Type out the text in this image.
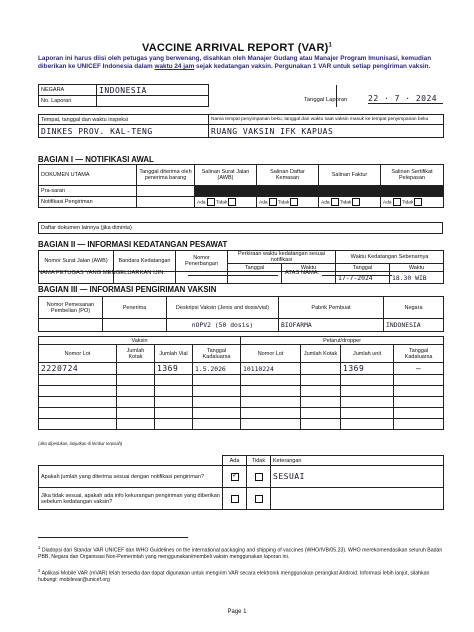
VACCINE ARRIVAL REPORT (VAR)$^1$
Laporan ini harus diisi oleh petugas yang berwenang, disahkan oleh Manajer Gudang atau Manajer Program Imunisasi, kemudian diberikan ke UNICEF Indonesia dalam waktu 24 jam sejak kedatangan vaksin. Pergunakan 1 VAR untuk setiap pengiriman vaksin.
NEGARA	INDONESIA		
No. Laporan				Tanggal Laporan	22 · 7 · 2024
Tempat, tanggal dan waktu inspeksi	Nama tempat penyimpanan beku, tanggal dan waktu saat vaksin masuk ke tempat penyimpanan beku
DINKES PROV. KAL-TENG	RUANG VAKSIN IFK KAPUAS
BAGIAN I — NOTIFIKASI AWAL
DOKUMEN UTAMA	Tanggal diterima oleh penerima barang	Salinan Surat Jalan (AWB)	Salinan Daftar Kemasan	Salinan Faktur	Salinan Sertifikat Pelepasan
Pra-saran					
Notifikasi Pengiriman		Ada Tidak	Ada Tidak	Ada Tidak	Ada Tidak
Daftar dokumen lainnya (jika diminta)
BAGIAN II — INFORMASI KEDATANGAN PESAWAT
Nomor Surat Jalan (AWB)	Bandara Kedatangan	Nomor Penerbangan	Perkiraan waktu kedatangan sesuai notifikasi		Waktu Kedatangan Sebenarnya	
			Tanggal	Waktu	Tanggal	Waktu
					17-7-2024	18.30 WIB
NAMA PETUGAS YANG MENGELUARKAN IJIN:	ATAS NAMA:
BAGIAN III — INFORMASI PENGIRIMAN VAKSIN
Nomor Pemesanan Pembelian (PO)	Penerima	Deskripsi Vaksin (Jenis and dosis/vial)	Pabrik Pembuat	Negara
		nOPV2 (50 dosis)	BIOFARMA	INDONESIA
Vaksin				Pelarut/dropper			
Nomor Lot	Jumlah Kotak	Jumlah Vial	Tanggal Kadaluarsa	Nomor Lot	Jumlah Kotak	Jumlah unit	Tanggal Kadaluarsa
2220724		1369	1.5.2026	10110224		1369	–

(Jika diperlukan, lanjutkan di lembar terpisah)
	Ada	Tidak	Keterangan
Apakah jumlah yang diterima sesuai dengan notifikasi pengiriman?	✓		SESUAI
Jika tidak sesuai, apakah ada info kekurangan pengiriman yang diberikan sebelum kedatangan vaksin?			
$^1$ Diadopsi dari Standar VAR UNICEF dan WHO Guidelines on the international packaging and shipping of vaccines (WHO/IVB/05.23). WHO merekomendasikan seluruh Badan PBB, Negara dan Organisasi Non-Pemerintah yang menggunakan/membeli vaksin menggunakan laporan ini.
$^2$ Aplikasi Mobile VAR (mVAR) telah tersedia dan dapat digunakan untuk mengirim VAR secara elektronik menggunakan perangkat Android. Informasi lebih lanjut, silahkan hubungi: mobilevar@unicef.org
Page 1
